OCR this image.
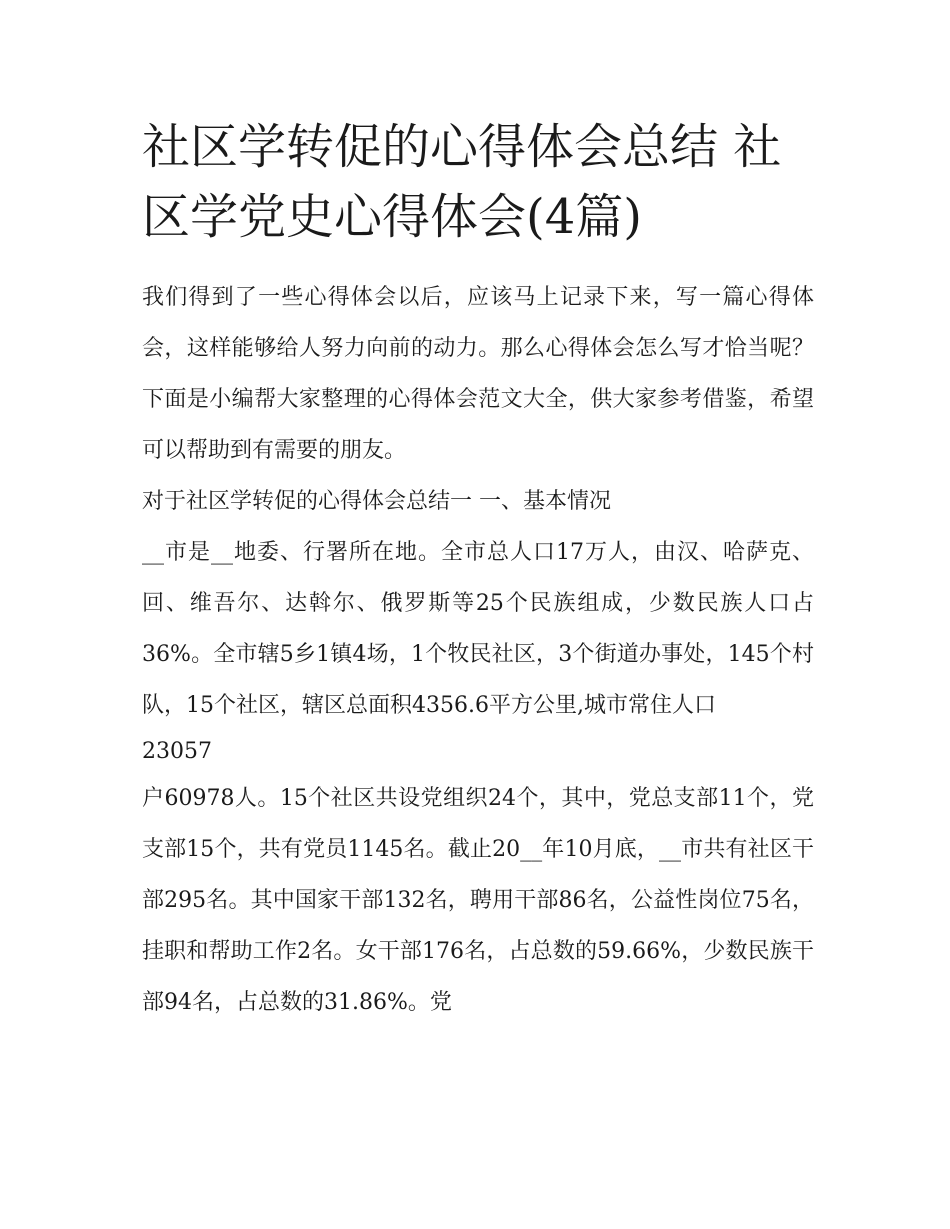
社区学转促的心得体会总结 社区学党史心得体会(4篇)

我们得到了一些心得体会以后，应该马上记录下来，写一篇心得体会，这样能够给人努力向前的动力。那么心得体会怎么写才恰当呢？下面是小编帮大家整理的心得体会范文大全，供大家参考借鉴，希望可以帮助到有需要的朋友。

对于社区学转促的心得体会总结一 一、基本情况

__市是__地委、行署所在地。全市总人口17万人，由汉、哈萨克、回、维吾尔、达斡尔、俄罗斯等25个民族组成，少数民族人口占36%。全市辖5乡1镇4场，1个牧民社区，3个街道办事处，145个村队，15个社区，辖区总面积4356.6平方公里,城市常住人口

23057

户60978人。15个社区共设党组织24个，其中，党总支部11个，党支部15个，共有党员1145名。截止20__年10月底，__市共有社区干部295名。其中国家干部132名，聘用干部86名，公益性岗位75名，挂职和帮助工作2名。女干部176名，占总数的59.66%，少数民族干部94名，占总数的31.86%。党
